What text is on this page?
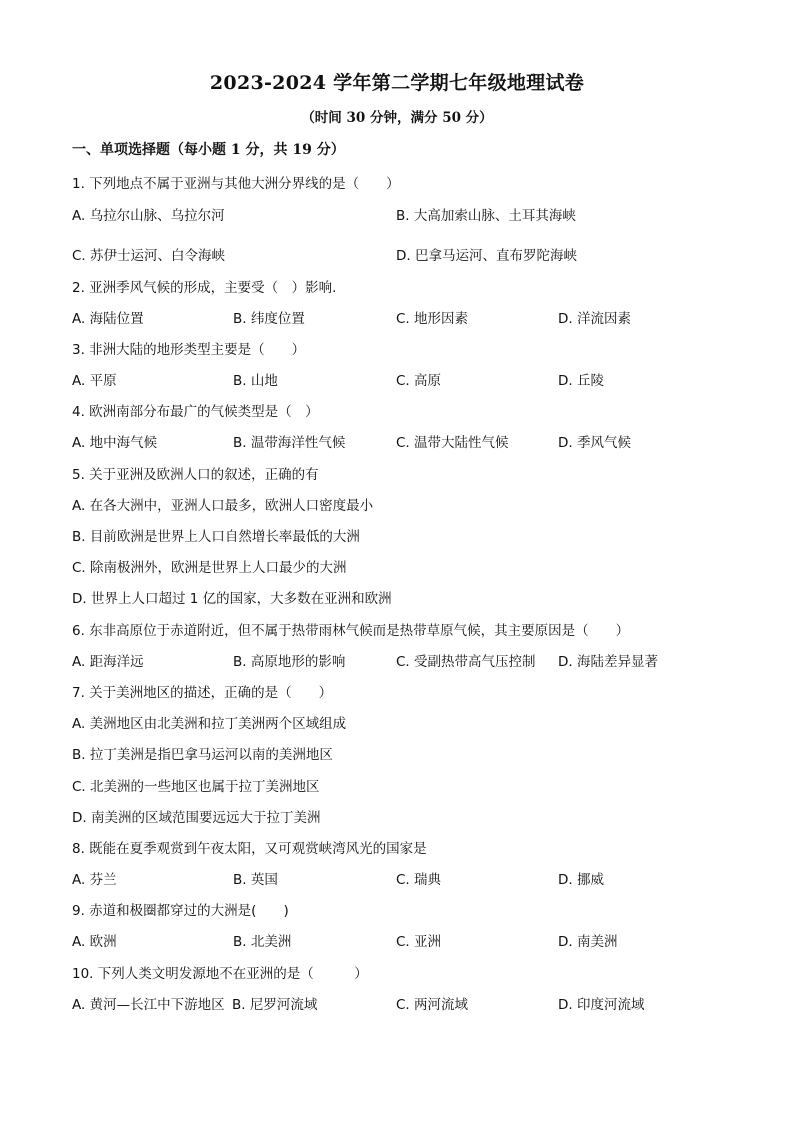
2023-2024 学年第二学期七年级地理试卷
（时间 30 分钟，满分 50 分）
一、单项选择题（每小题 1 分，共 19 分）
1. 下列地点不属于亚洲与其他大洲分界线的是（　　）
A. 乌拉尔山脉、乌拉尔河	B. 大高加索山脉、土耳其海峡
C. 苏伊士运河、白令海峡	D. 巴拿马运河、直布罗陀海峡
2. 亚洲季风气候的形成，主要受（　）影响.
A. 海陆位置	B. 纬度位置	C. 地形因素	D. 洋流因素
3. 非洲大陆的地形类型主要是（　　）
A. 平原	B. 山地	C. 高原	D. 丘陵
4. 欧洲南部分布最广的气候类型是（　）
A. 地中海气候	B. 温带海洋性气候	C. 温带大陆性气候	D. 季风气候
5. 关于亚洲及欧洲人口的叙述，正确的有
A. 在各大洲中，亚洲人口最多，欧洲人口密度最小
B. 目前欧洲是世界上人口自然增长率最低的大洲
C. 除南极洲外，欧洲是世界上人口最少的大洲
D. 世界上人口超过 1 亿的国家，大多数在亚洲和欧洲
6. 东非高原位于赤道附近，但不属于热带雨林气候而是热带草原气候，其主要原因是（　　）
A. 距海洋远	B. 高原地形的影响	C. 受副热带高气压控制 D. 海陆差异显著
7. 关于美洲地区的描述，正确的是（　　）
A. 美洲地区由北美洲和拉丁美洲两个区域组成
B. 拉丁美洲是指巴拿马运河以南的美洲地区
C. 北美洲的一些地区也属于拉丁美洲地区
D. 南美洲的区域范围要远远大于拉丁美洲
8. 既能在夏季观赏到午夜太阳，又可观赏峡湾风光的国家是
A. 芬兰	B. 英国	C. 瑞典	D. 挪威
9. 赤道和极圈都穿过的大洲是(　　)
A. 欧洲	B. 北美洲	C. 亚洲	D. 南美洲
10. 下列人类文明发源地不在亚洲的是（　　　）
A. 黄河—长江中下游地区 B. 尼罗河流域	C. 两河流域	D. 印度河流域
